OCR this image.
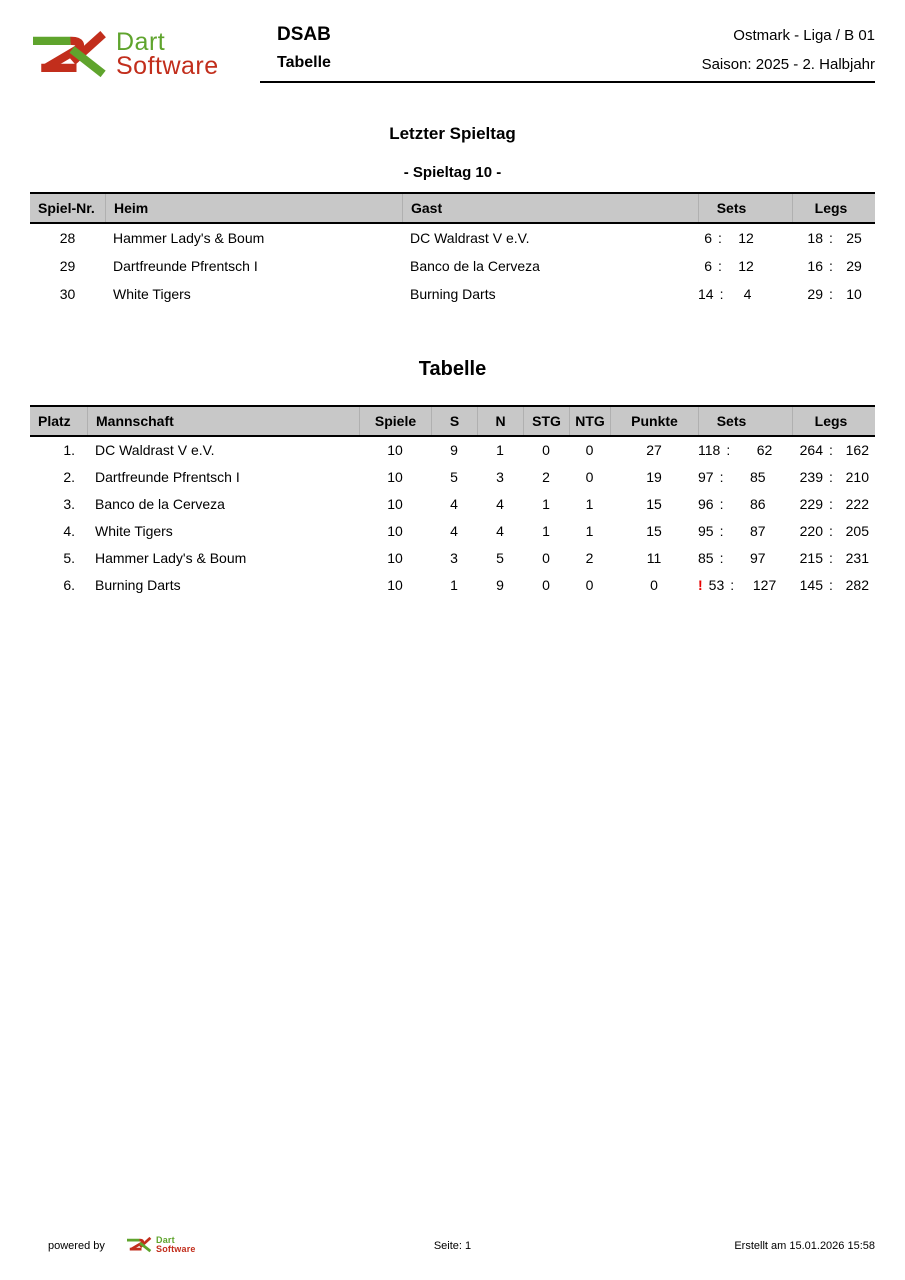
Dart
Software
DSAB
Tabelle
Ostmark - Liga / B 01
Saison: 2025 - 2. Halbjahr
Letzter Spieltag
- Spieltag 10 -
Spiel-Nr.	Heim	Gast	Sets	Legs
28	Hammer Lady's & Boum	DC Waldrast V e.V.	6 :	12	18 : 25
29	Dartfreunde Pfrentsch I	Banco de la Cerveza	6 :	12	16 : 29
30	White Tigers	Burning Darts	14 :	4	29 : 10
Tabelle
Platz	Mannschaft	Spiele	S	N	STG	NTG	Punkte	Sets	Legs
1.	DC Waldrast V e.V.	10	9	1	0	0	27	118 :	62	264 : 162
2.	Dartfreunde Pfrentsch I	10	5	3	2	0	19	97 :	85	239 : 210
3.	Banco de la Cerveza	10	4	4	1	1	15	96 :	86	229 : 222
4.	White Tigers	10	4	4	1	1	15	95 :	87	220 : 205
5.	Hammer Lady's & Boum	10	3	5	0	2	11	85 :	97	215 : 231
6.	Burning Darts	10	1	9	0	0	0	! 53 :	127	145 : 282
powered by
Dart
Software	Seite: 1	Erstellt am 15.01.2026 15:58
